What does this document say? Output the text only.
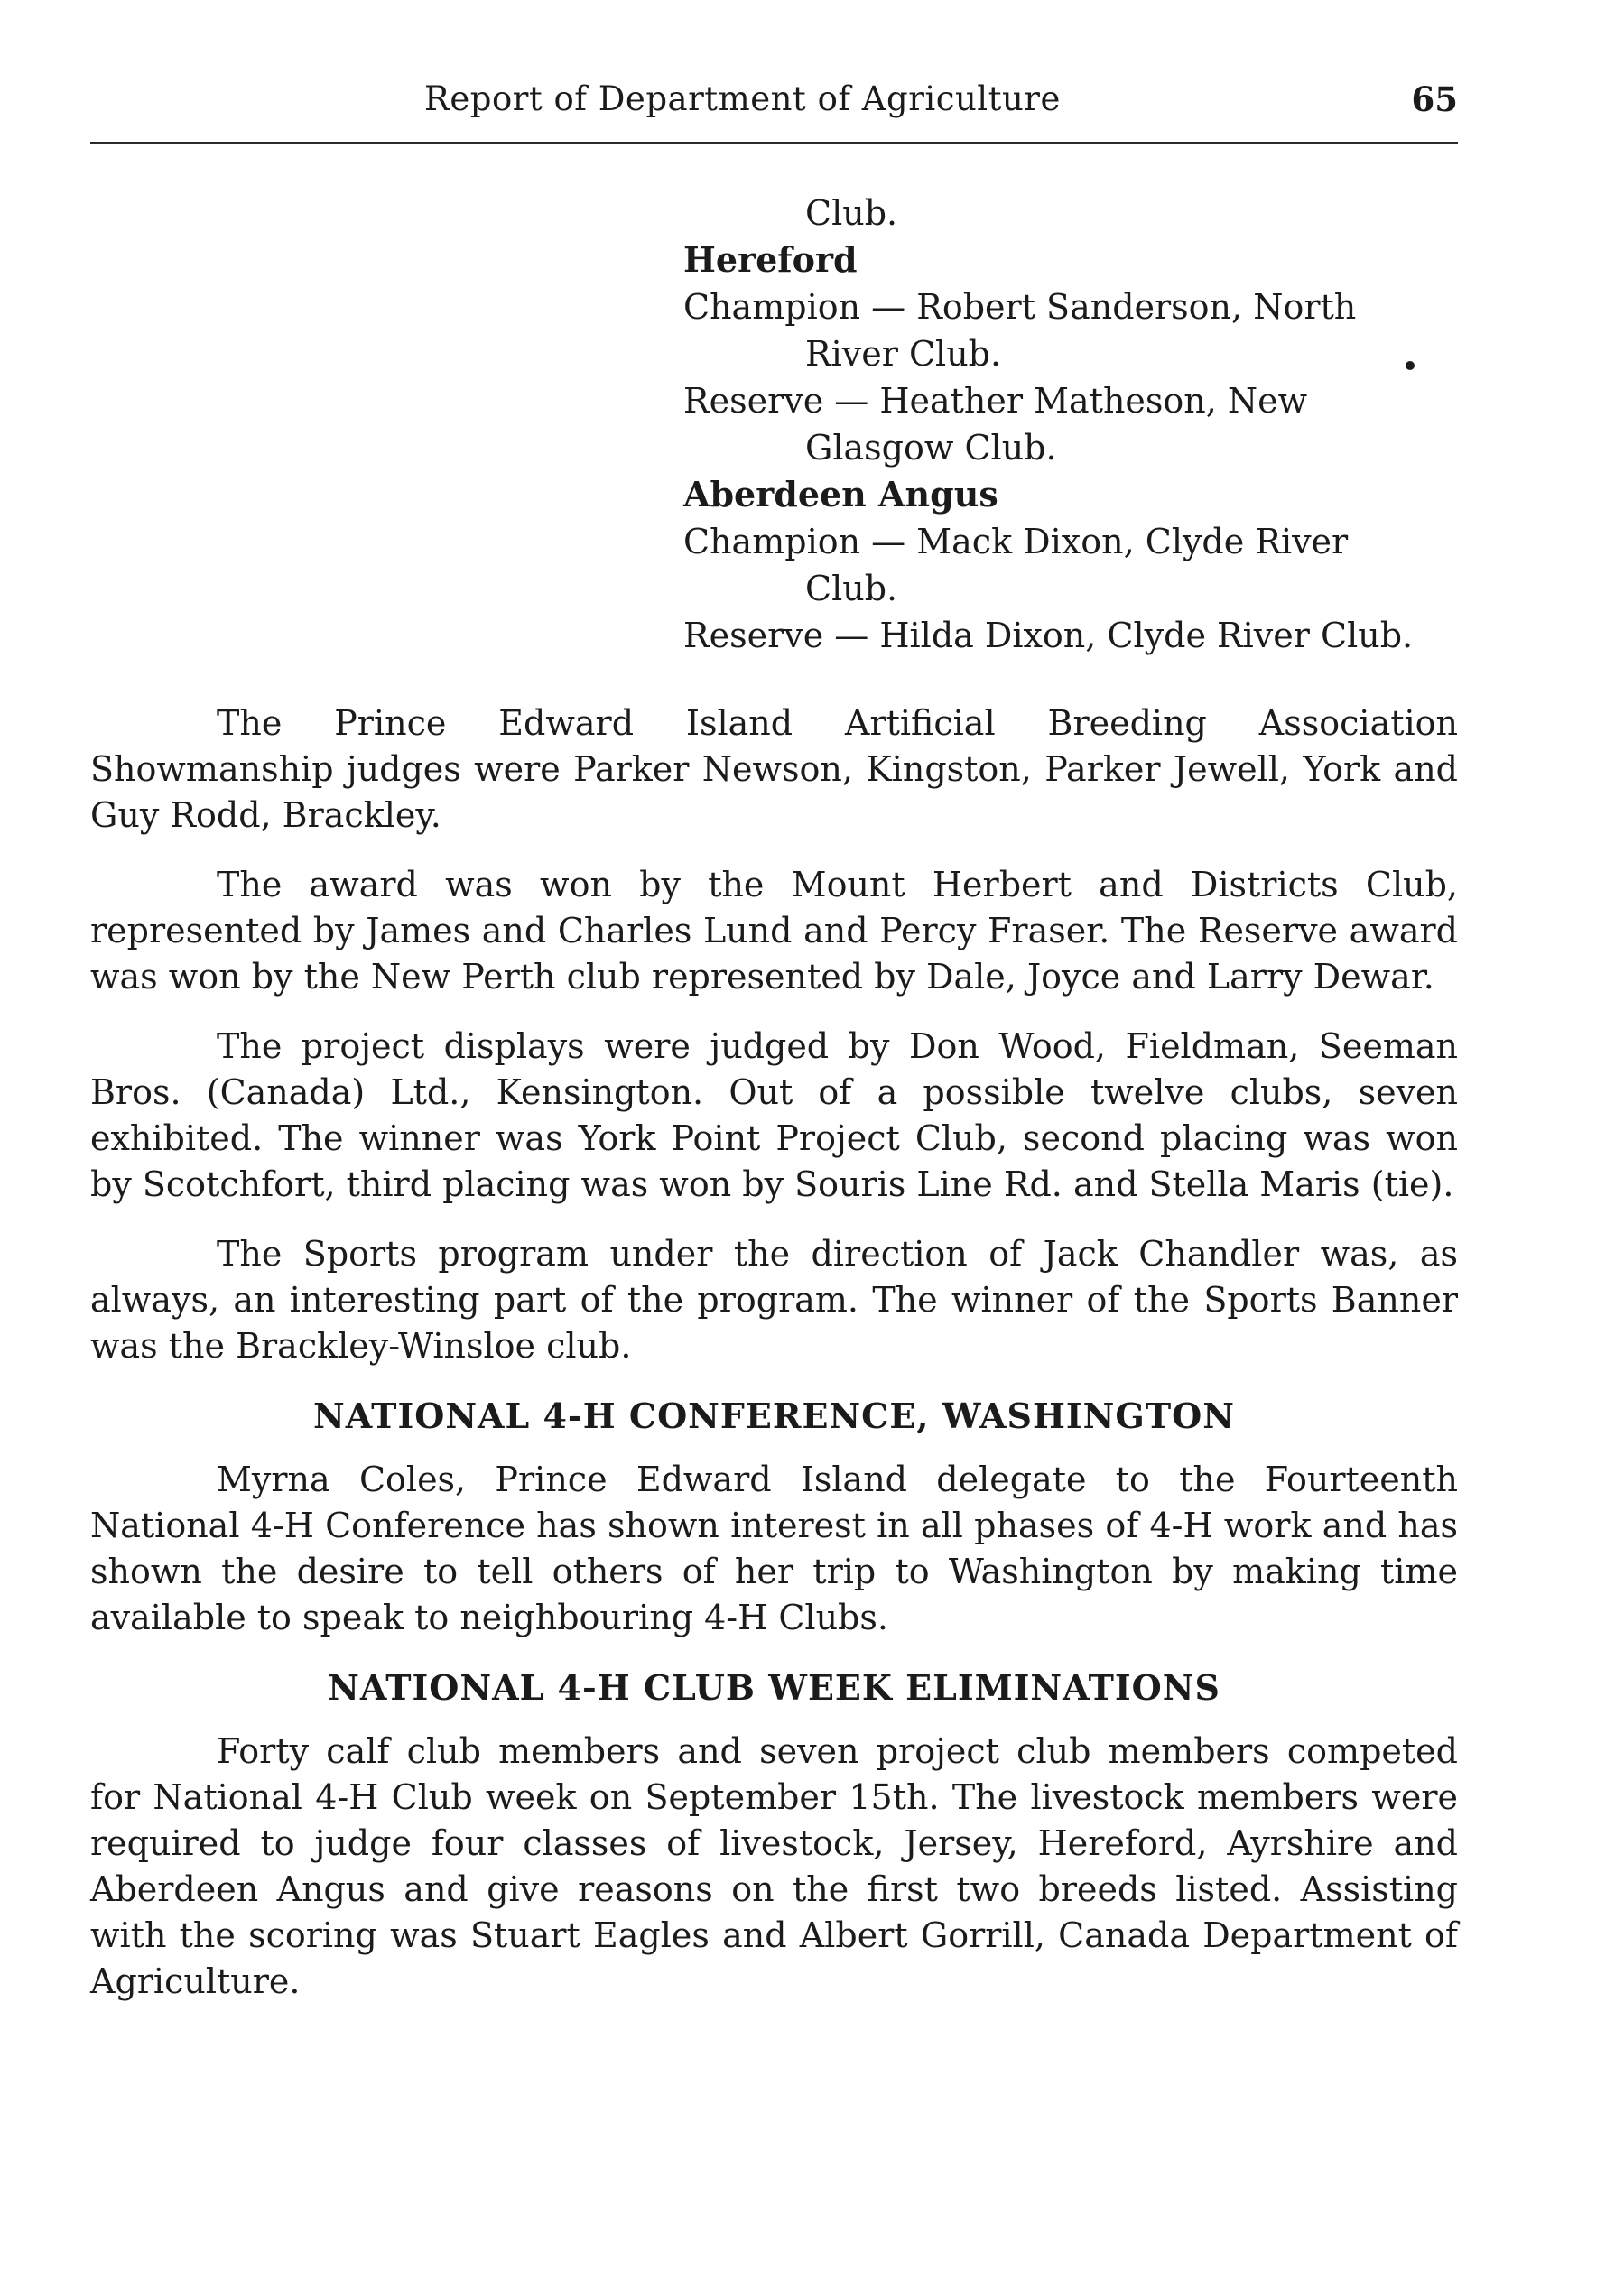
Report of Department of Agriculture	65
Club.
Hereford
Champion — Robert Sanderson, North
River Club.
Reserve — Heather Matheson, New
Glasgow Club.
Aberdeen Angus
Champion — Mack Dixon, Clyde River
Club.
Reserve — Hilda Dixon, Clyde River Club.

The Prince Edward Island Artificial Breeding Association Showmanship judges were Parker Newson, Kingston, Parker Jewell, York and Guy Rodd, Brackley.

The award was won by the Mount Herbert and Districts Club, represented by James and Charles Lund and Percy Fraser. The Reserve award was won by the New Perth club represented by Dale, Joyce and Larry Dewar.

The project displays were judged by Don Wood, Fieldman, Seeman Bros. (Canada) Ltd., Kensington. Out of a possible twelve clubs, seven exhibited. The winner was York Point Project Club, second placing was won by Scotchfort, third placing was won by Souris Line Rd. and Stella Maris (tie).

The Sports program under the direction of Jack Chandler was, as always, an interesting part of the program. The winner of the Sports Banner was the Brackley-Winsloe club.

NATIONAL 4-H CONFERENCE, WASHINGTON

Myrna Coles, Prince Edward Island delegate to the Fourteenth National 4-H Conference has shown interest in all phases of 4-H work and has shown the desire to tell others of her trip to Washington by making time available to speak to neighbouring 4-H Clubs.

NATIONAL 4-H CLUB WEEK ELIMINATIONS

Forty calf club members and seven project club members competed for National 4-H Club week on September 15th. The livestock members were required to judge four classes of livestock, Jersey, Hereford, Ayrshire and Aberdeen Angus and give reasons on the first two breeds listed. Assisting with the scoring was Stuart Eagles and Albert Gorrill, Canada Department of Agriculture.
